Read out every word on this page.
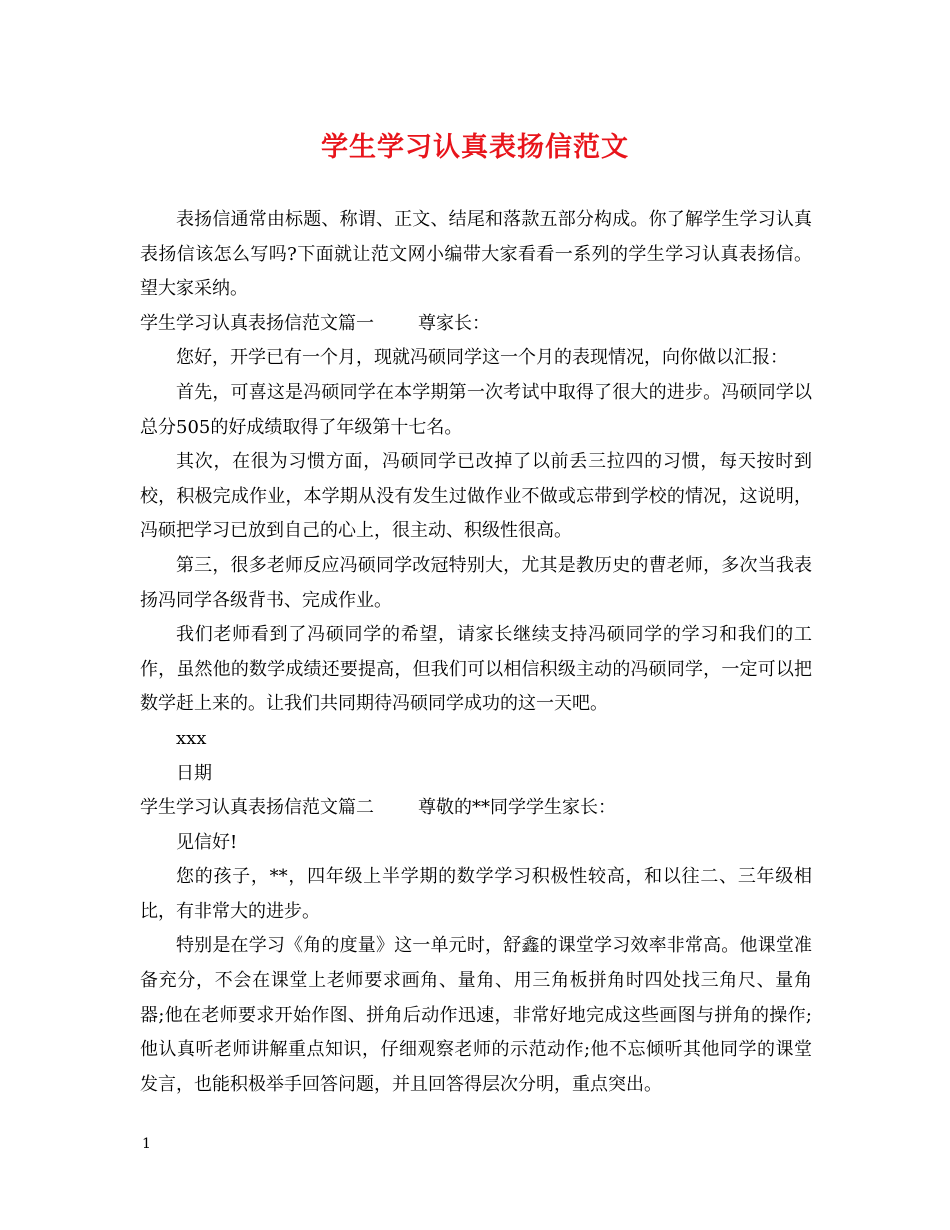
学生学习认真表扬信范文

表扬信通常由标题、称谓、正文、结尾和落款五部分构成。你了解学生学习认真表扬信该怎么写吗?下面就让范文网小编带大家看看一系列的学生学习认真表扬信。望大家采纳。

学生学习认真表扬信范文篇一 尊家长：

您好，开学已有一个月，现就冯硕同学这一个月的表现情况，向你做以汇报：

首先，可喜这是冯硕同学在本学期第一次考试中取得了很大的进步。冯硕同学以总分505的好成绩取得了年级第十七名。

其次，在很为习惯方面，冯硕同学已改掉了以前丢三拉四的习惯，每天按时到校，积极完成作业，本学期从没有发生过做作业不做或忘带到学校的情况，这说明，冯硕把学习已放到自己的心上，很主动、积级性很高。

第三，很多老师反应冯硕同学改冠特别大，尤其是教历史的曹老师，多次当我表扬冯同学各级背书、完成作业。

我们老师看到了冯硕同学的希望，请家长继续支持冯硕同学的学习和我们的工作，虽然他的数学成绩还要提高，但我们可以相信积级主动的冯硕同学，一定可以把数学赶上来的。让我们共同期待冯硕同学成功的这一天吧。

xxx

日期

学生学习认真表扬信范文篇二 尊敬的**同学学生家长：

见信好!

您的孩子，**，四年级上半学期的数学学习积极性较高，和以往二、三年级相比，有非常大的进步。

特别是在学习《角的度量》这一单元时，舒鑫的课堂学习效率非常高。他课堂准备充分，不会在课堂上老师要求画角、量角、用三角板拼角时四处找三角尺、量角器;他在老师要求开始作图、拼角后动作迅速，非常好地完成这些画图与拼角的操作;他认真听老师讲解重点知识，仔细观察老师的示范动作;他不忘倾听其他同学的课堂发言，也能积极举手回答问题，并且回答得层次分明，重点突出。

1
